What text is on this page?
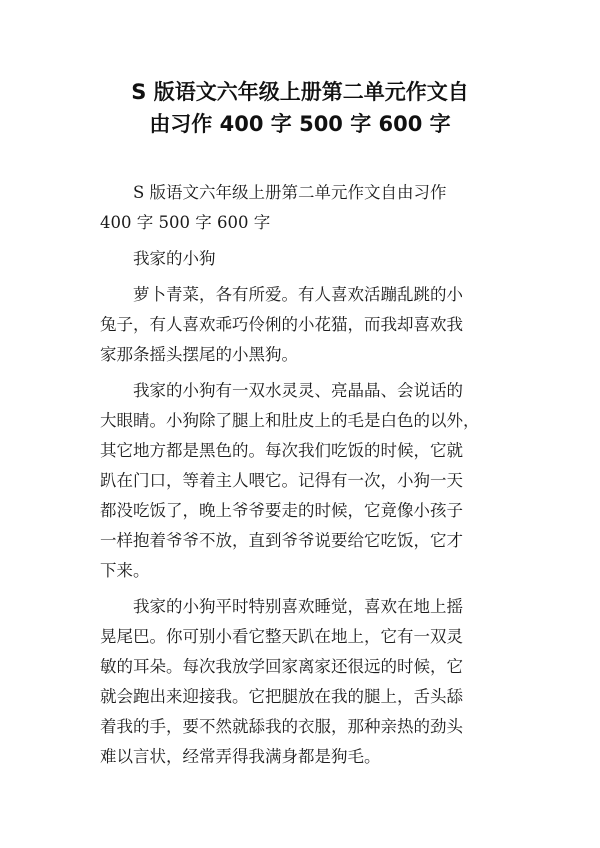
S 版语文六年级上册第二单元作文自
由习作 400 字 500 字 600 字
S 版语文六年级上册第二单元作文自由习作
400 字 500 字 600 字
我家的小狗
萝卜青菜，各有所爱。有人喜欢活蹦乱跳的小
兔子，有人喜欢乖巧伶俐的小花猫，而我却喜欢我
家那条摇头摆尾的小黑狗。
我家的小狗有一双水灵灵、亮晶晶、会说话的
大眼睛。小狗除了腿上和肚皮上的毛是白色的以外，
其它地方都是黑色的。每次我们吃饭的时候，它就
趴在门口，等着主人喂它。记得有一次，小狗一天
都没吃饭了，晚上爷爷要走的时候，它竟像小孩子
一样抱着爷爷不放，直到爷爷说要给它吃饭，它才
下来。
我家的小狗平时特别喜欢睡觉，喜欢在地上摇
晃尾巴。你可别小看它整天趴在地上，它有一双灵
敏的耳朵。每次我放学回家离家还很远的时候，它
就会跑出来迎接我。它把腿放在我的腿上，舌头舔
着我的手，要不然就舔我的衣服，那种亲热的劲头
难以言状，经常弄得我满身都是狗毛。
